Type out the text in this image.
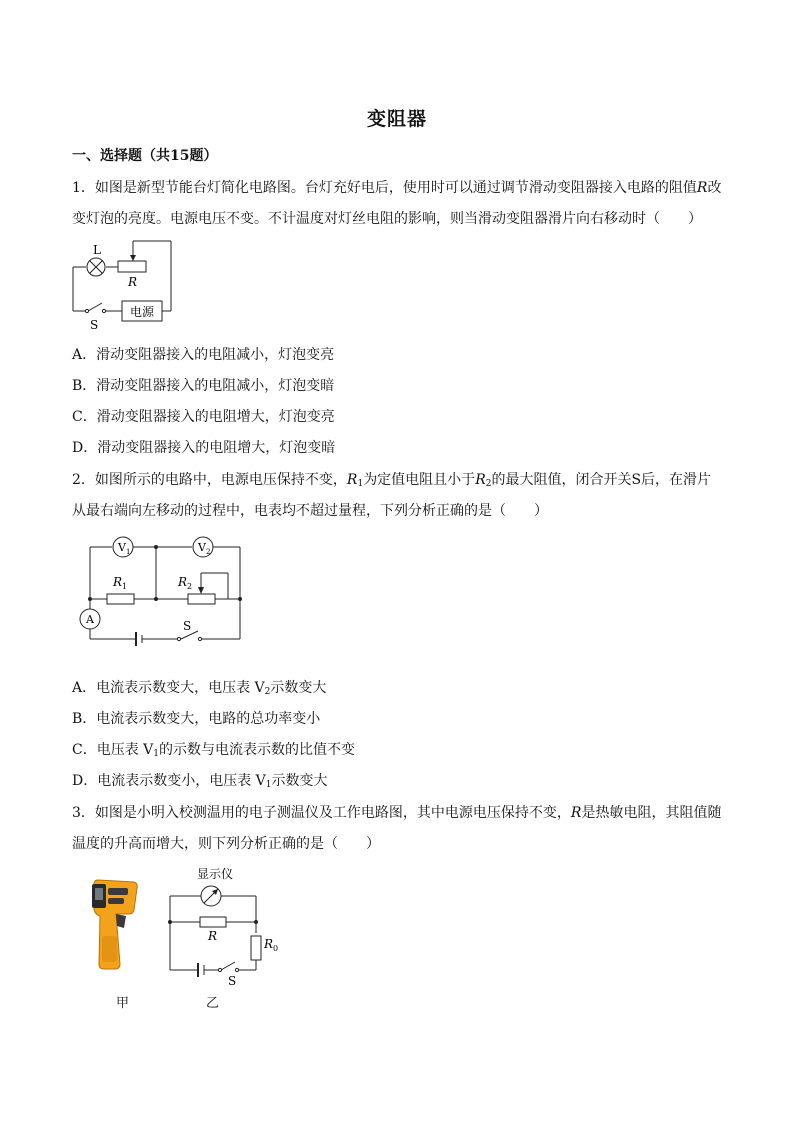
变阻器
一、选择题（共15题）
1．如图是新型节能台灯简化电路图。台灯充好电后，使用时可以通过调节滑动变阻器接入电路的阻值R改
变灯泡的亮度。电源电压不变。不计温度对灯丝电阻的影响，则当滑动变阻器滑片向右移动时（　　）
L
R
S
电源
A．滑动变阻器接入的电阻减小，灯泡变亮
B．滑动变阻器接入的电阻减小，灯泡变暗
C．滑动变阻器接入的电阻增大，灯泡变亮
D．滑动变阻器接入的电阻增大，灯泡变暗
2．如图所示的电路中，电源电压保持不变，$R_1$为定值电阻且小于$R_2$的最大阻值，闭合开关S后，在滑片
从最右端向左移动的过程中，电表均不超过量程，下列分析正确的是（　　）
$V_1$	$V_2$
$R_1$	$R_2$
A	S
A．电流表示数变大，电压表 $V_2$示数变大
B．电流表示数变大，电路的总功率变小
C．电压表 $V_1$的示数与电流表示数的比值不变
D．电流表示数变小，电压表 $V_1$示数变大
3．如图是小明入校测温用的电子测温仪及工作电路图，其中电源电压保持不变，R是热敏电阻，其阻值随
温度的升高而增大，则下列分析正确的是（　　）
显示仪
R
$R_0$
S
甲	乙
